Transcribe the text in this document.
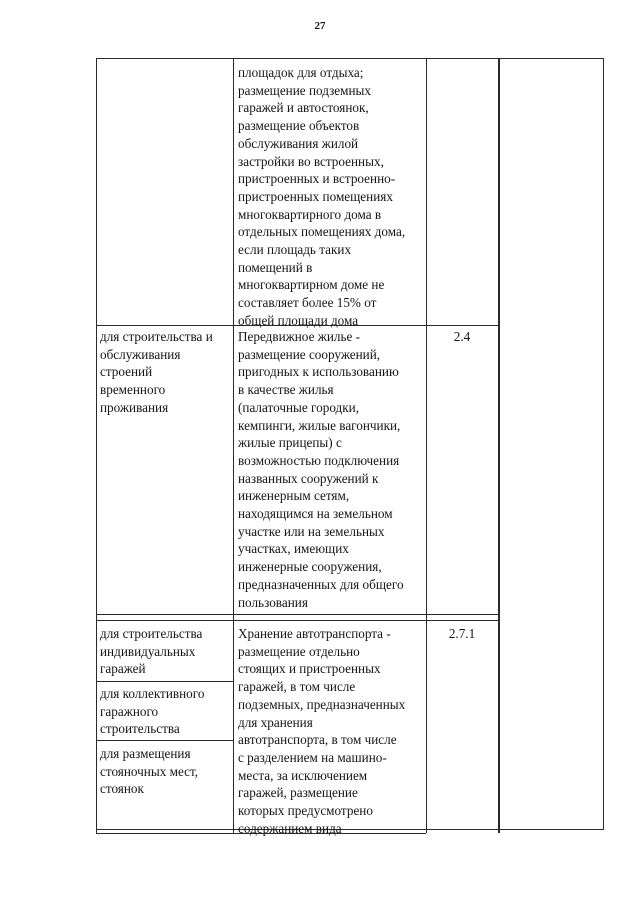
27
площадок для отдыха;
размещение подземных
гаражей и автостоянок,
размещение объектов
обслуживания жилой
застройки во встроенных,
пристроенных и встроенно-
пристроенных помещениях
многоквартирного дома в
отдельных помещениях дома,
если площадь таких
помещений в
многоквартирном доме не
составляет более 15% от
общей площади дома
для строительства и
обслуживания
строений
временного
проживания
Передвижное жилье -
размещение сооружений,
пригодных к использованию
в качестве жилья
(палаточные городки,
кемпинги, жилые вагончики,
жилые прицепы) с
возможностью подключения
названных сооружений к
инженерным сетям,
находящимся на земельном
участке или на земельных
участках, имеющих
инженерные сооружения,
предназначенных для общего
пользования
2.4
для строительства
индивидуальных
гаражей
для коллективного
гаражного
строительства
для размещения
стояночных мест,
стоянок
Хранение автотранспорта -
размещение отдельно
стоящих и пристроенных
гаражей, в том числе
подземных, предназначенных
для хранения
автотранспорта, в том числе
с разделением на машино-
места, за исключением
гаражей, размещение
которых предусмотрено
содержанием вида
2.7.1
